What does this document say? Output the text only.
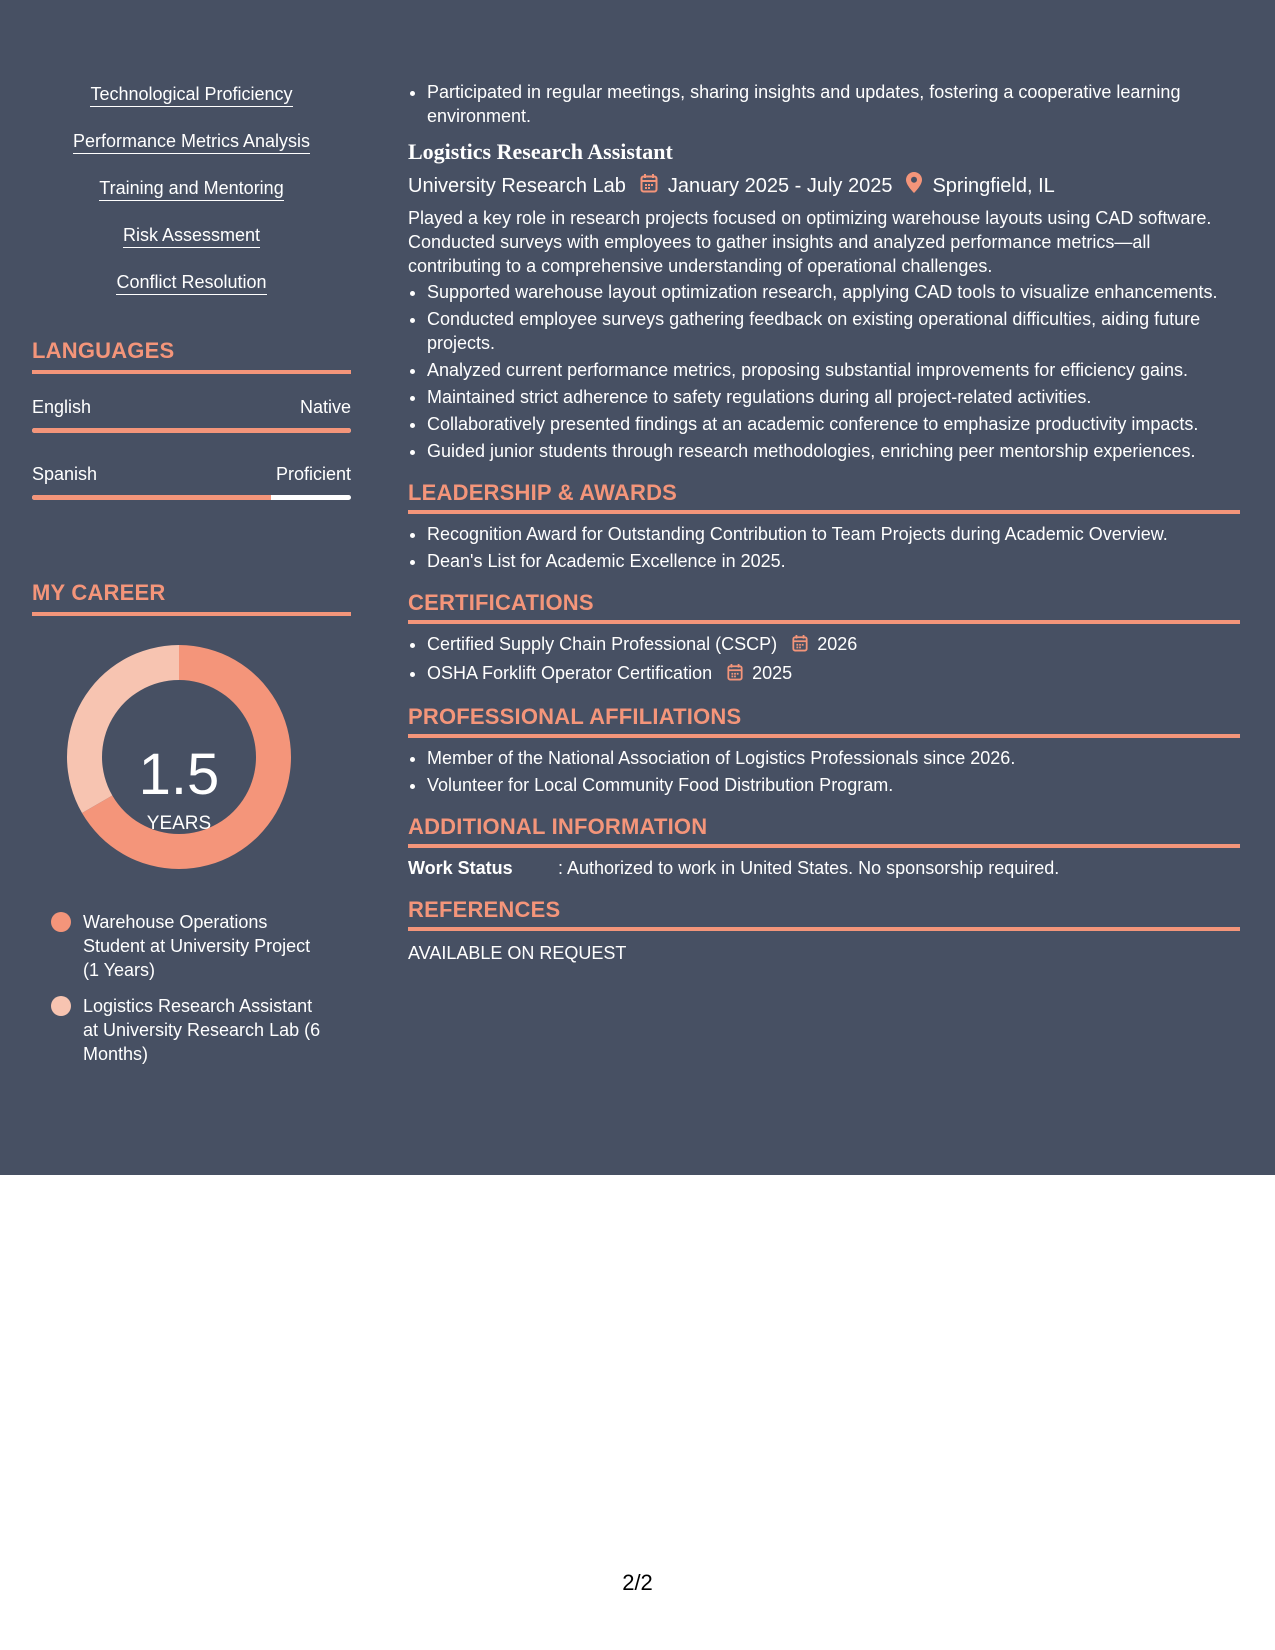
Technological Proficiency
Performance Metrics Analysis
Training and Mentoring
Risk Assessment
Conflict Resolution
LANGUAGES
English	Native
Spanish	Proficient
MY CAREER
1.5
YEARS
Warehouse Operations Student at University Project (1 Years)
Logistics Research Assistant at University Research Lab (6 Months)
• Participated in regular meetings, sharing insights and updates, fostering a cooperative learning environment.
Logistics Research Assistant
University Research Lab January 2025 - July 2025 Springfield, IL
Played a key role in research projects focused on optimizing warehouse layouts using CAD software. Conducted surveys with employees to gather insights and analyzed performance metrics—all contributing to a comprehensive understanding of operational challenges.
• Supported warehouse layout optimization research, applying CAD tools to visualize enhancements.
• Conducted employee surveys gathering feedback on existing operational difficulties, aiding future projects.
• Analyzed current performance metrics, proposing substantial improvements for efficiency gains.
• Maintained strict adherence to safety regulations during all project-related activities.
• Collaboratively presented findings at an academic conference to emphasize productivity impacts.
• Guided junior students through research methodologies, enriching peer mentorship experiences.
LEADERSHIP & AWARDS
• Recognition Award for Outstanding Contribution to Team Projects during Academic Overview.
• Dean's List for Academic Excellence in 2025.
CERTIFICATIONS
• Certified Supply Chain Professional (CSCP) 2026
• OSHA Forklift Operator Certification 2025
PROFESSIONAL AFFILIATIONS
• Member of the National Association of Logistics Professionals since 2026.
• Volunteer for Local Community Food Distribution Program.
ADDITIONAL INFORMATION
Work Status	: Authorized to work in United States. No sponsorship required.
REFERENCES
AVAILABLE ON REQUEST
2/2
